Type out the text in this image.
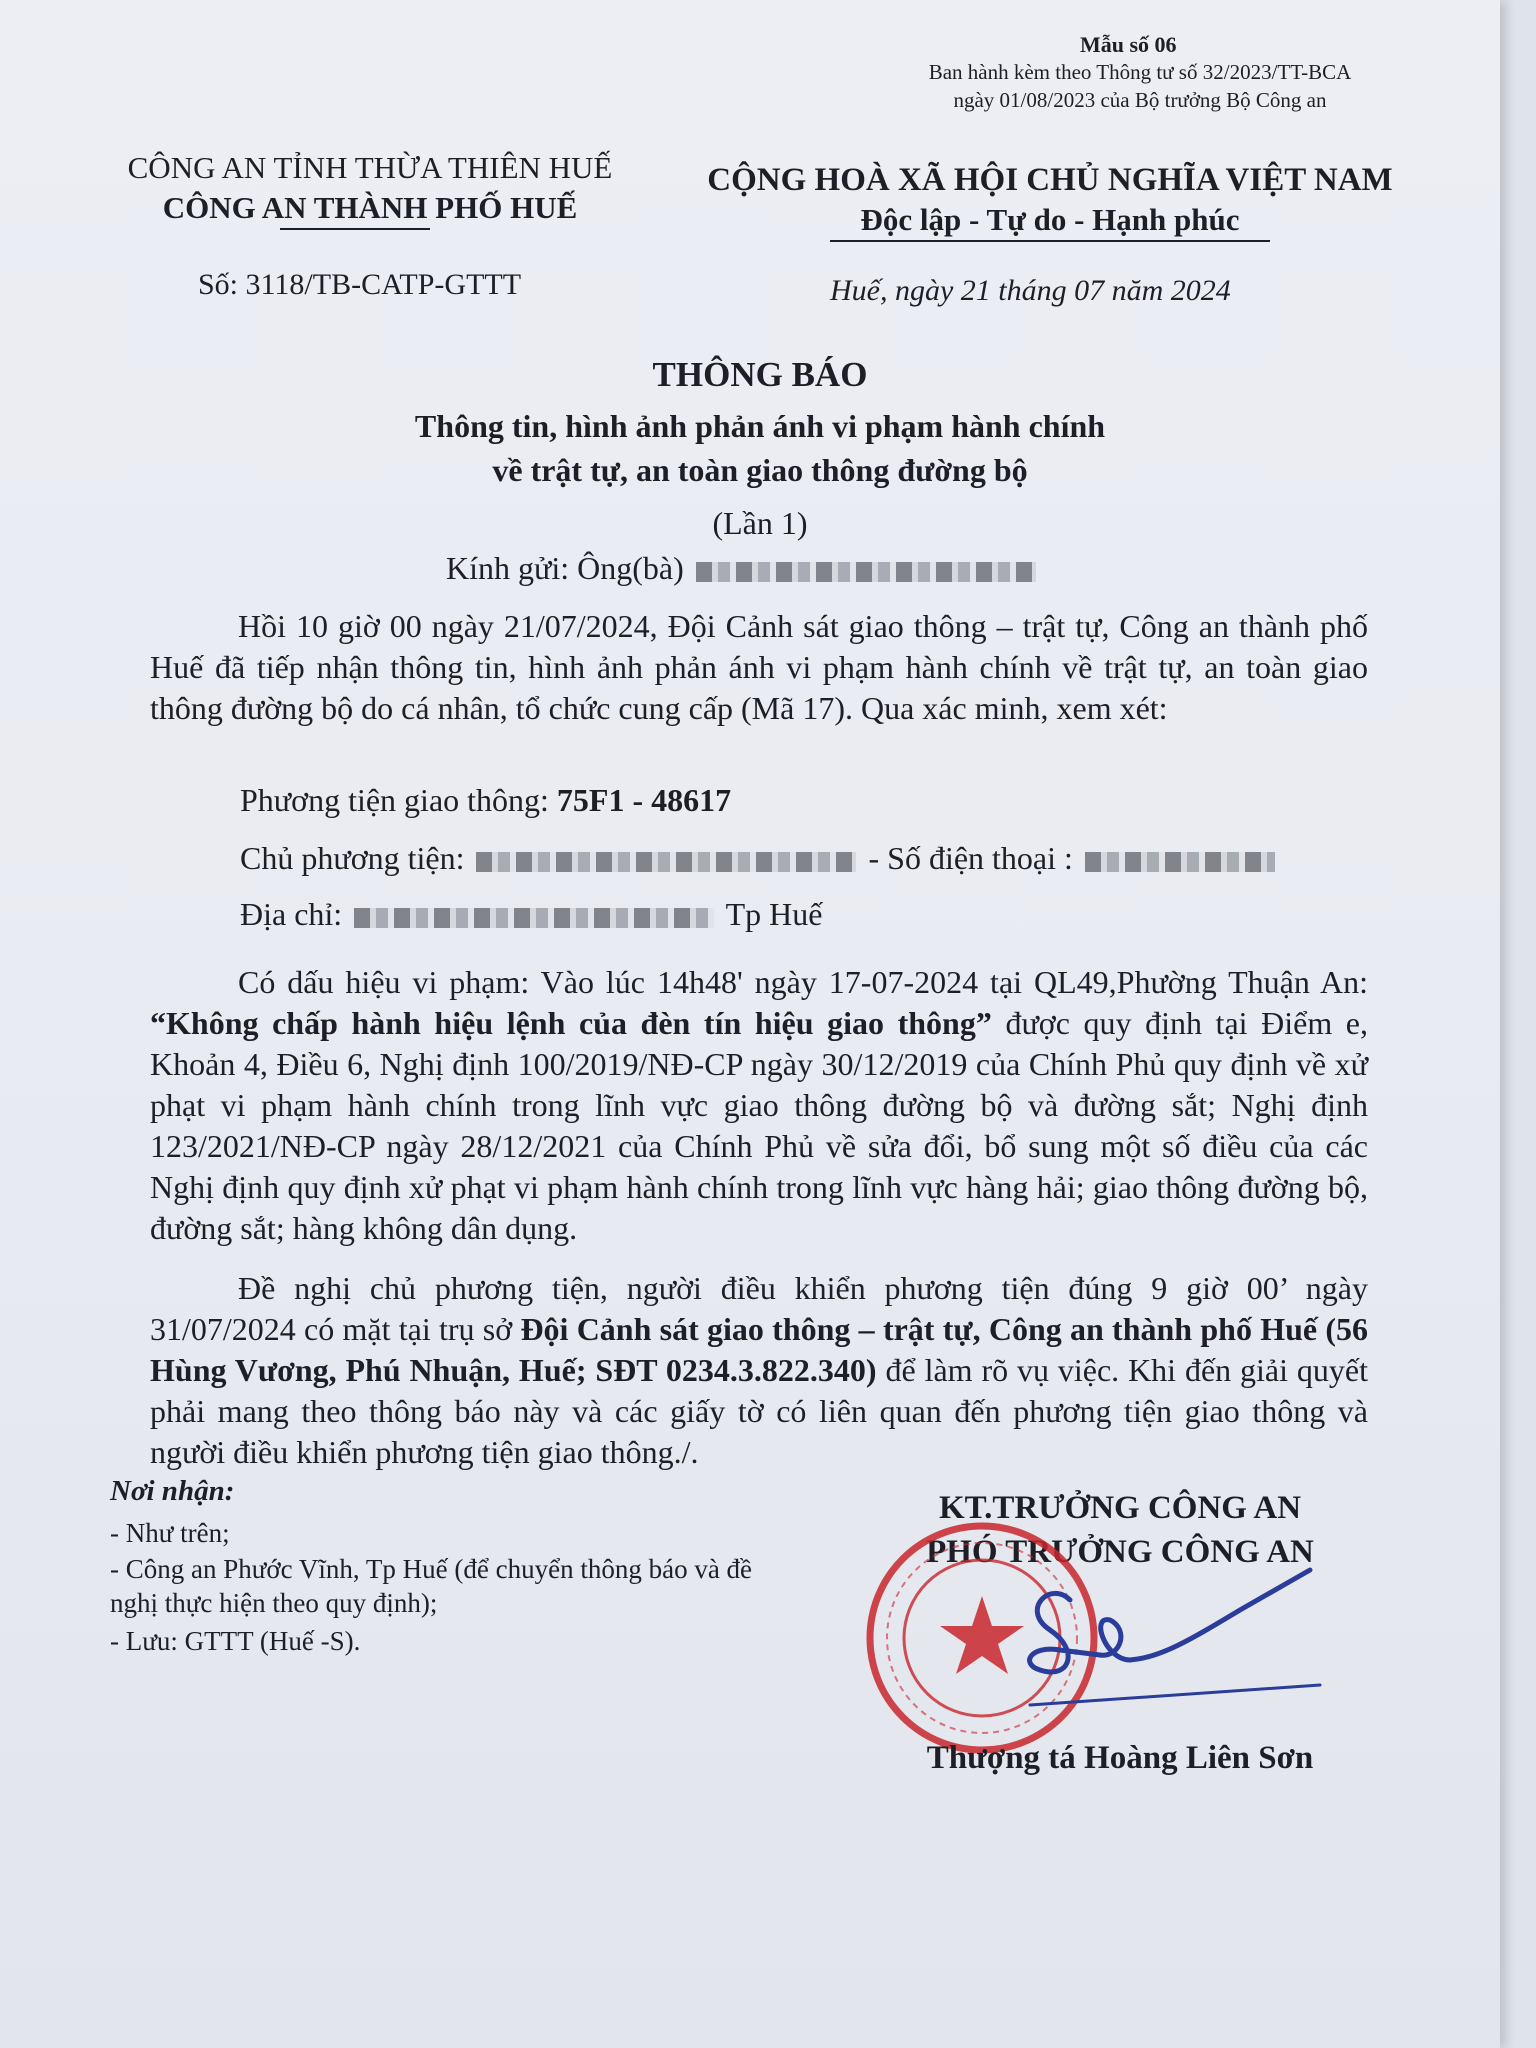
Mẫu số 06
Ban hành kèm theo Thông tư số 32/2023/TT-BCA
ngày 01/08/2023 của Bộ trưởng Bộ Công an
CÔNG AN TỈNH THỪA THIÊN HUẾ
CÔNG AN THÀNH PHỐ HUẾ
CỘNG HOÀ XÃ HỘI CHỦ NGHĨA VIỆT NAM
Độc lập - Tự do - Hạnh phúc
Số: 3118/TB-CATP-GTTT	Huế, ngày 21 tháng 07 năm 2024
THÔNG BÁO
Thông tin, hình ảnh phản ánh vi phạm hành chính
về trật tự, an toàn giao thông đường bộ
(Lần 1)
Kính gửi: Ông(bà)
Hồi 10 giờ 00 ngày 21/07/2024, Đội Cảnh sát giao thông – trật tự, Công an thành phố Huế đã tiếp nhận thông tin, hình ảnh phản ánh vi phạm hành chính về trật tự, an toàn giao thông đường bộ do cá nhân, tổ chức cung cấp (Mã 17). Qua xác minh, xem xét:
Phương tiện giao thông: 75F1 - 48617
Chủ phương tiện:	- Số điện thoại :
Địa chỉ:	Tp Huế
Có dấu hiệu vi phạm: Vào lúc 14h48' ngày 17-07-2024 tại QL49,Phường Thuận An: “Không chấp hành hiệu lệnh của đèn tín hiệu giao thông” được quy định tại Điểm e, Khoản 4, Điều 6, Nghị định 100/2019/NĐ-CP ngày 30/12/2019 của Chính Phủ quy định về xử phạt vi phạm hành chính trong lĩnh vực giao thông đường bộ và đường sắt; Nghị định 123/2021/NĐ-CP ngày 28/12/2021 của Chính Phủ về sửa đổi, bổ sung một số điều của các Nghị định quy định xử phạt vi phạm hành chính trong lĩnh vực hàng hải; giao thông đường bộ, đường sắt; hàng không dân dụng.
Đề nghị chủ phương tiện, người điều khiển phương tiện đúng 9 giờ 00’ ngày 31/07/2024 có mặt tại trụ sở Đội Cảnh sát giao thông – trật tự, Công an thành phố Huế (56 Hùng Vương, Phú Nhuận, Huế; SĐT 0234.3.822.340) để làm rõ vụ việc. Khi đến giải quyết phải mang theo thông báo này và các giấy tờ có liên quan đến phương tiện giao thông và người điều khiển phương tiện giao thông./.
Nơi nhận:
- Như trên;
- Công an Phước Vĩnh, Tp Huế (để chuyển thông báo và đề nghị thực hiện theo quy định);
- Lưu: GTTT (Huế -S).
KT.TRƯỞNG CÔNG AN
PHÓ TRƯỞNG CÔNG AN
Thượng tá Hoàng Liên Sơn
